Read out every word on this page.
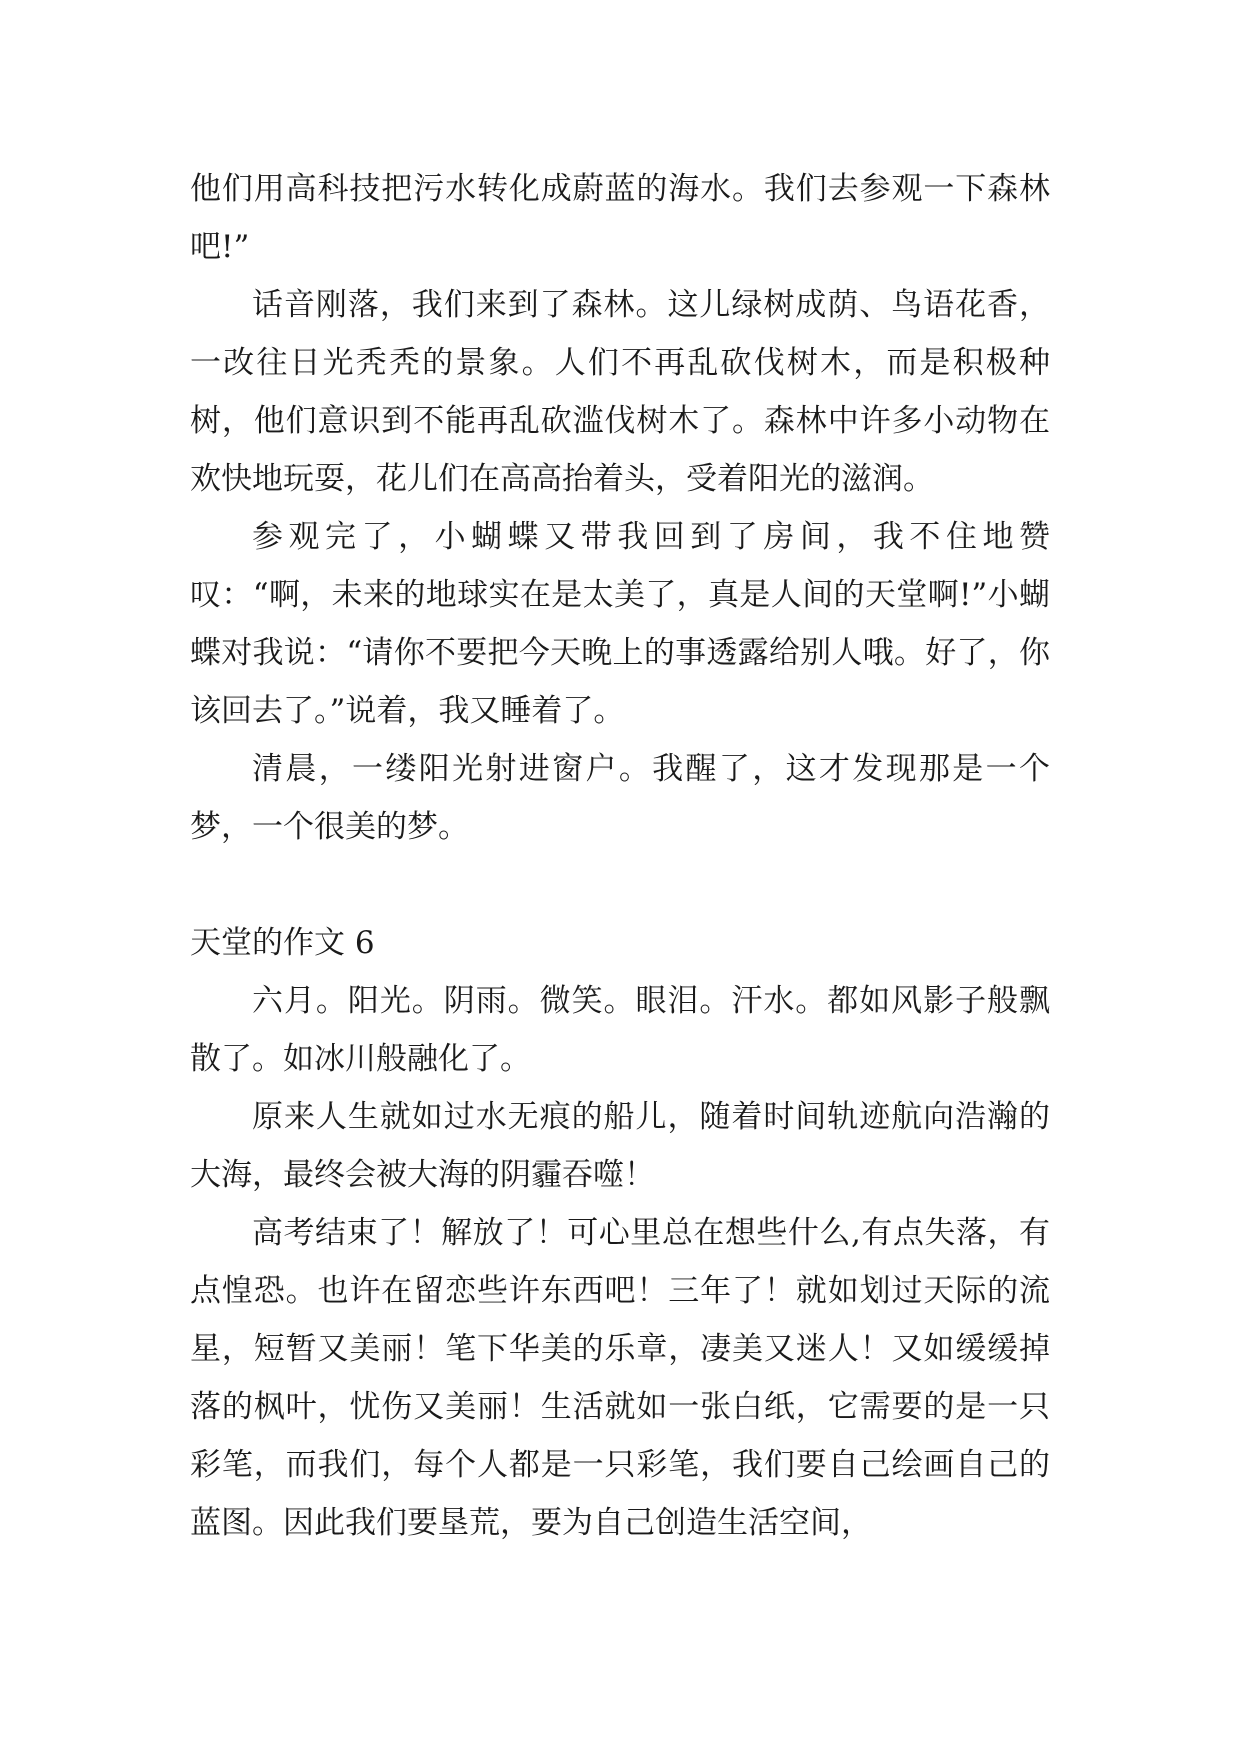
他们用高科技把污水转化成蔚蓝的海水。我们去参观一下森林吧!”

话音刚落，我们来到了森林。这儿绿树成荫、鸟语花香，一改往日光秃秃的景象。人们不再乱砍伐树木，而是积极种树，他们意识到不能再乱砍滥伐树木了。森林中许多小动物在欢快地玩耍，花儿们在高高抬着头，受着阳光的滋润。

参观完了，小蝴蝶又带我回到了房间，我不住地赞叹：“啊，未来的地球实在是太美了，真是人间的天堂啊!”小蝴蝶对我说：“请你不要把今天晚上的事透露给别人哦。好了，你该回去了。”说着，我又睡着了。

清晨，一缕阳光射进窗户。我醒了，这才发现那是一个梦，一个很美的梦。

天堂的作文 6

六月。阳光。阴雨。微笑。眼泪。汗水。都如风影子般飘散了。如冰川般融化了。

原来人生就如过水无痕的船儿，随着时间轨迹航向浩瀚的大海，最终会被大海的阴霾吞噬！

高考结束了！解放了！可心里总在想些什么,有点失落，有点惶恐。也许在留恋些许东西吧！三年了！就如划过天际的流星，短暂又美丽！笔下华美的乐章，凄美又迷人！又如缓缓掉落的枫叶，忧伤又美丽！生活就如一张白纸，它需要的是一只彩笔，而我们，每个人都是一只彩笔，我们要自己绘画自己的蓝图。因此我们要垦荒，要为自己创造生活空间，
